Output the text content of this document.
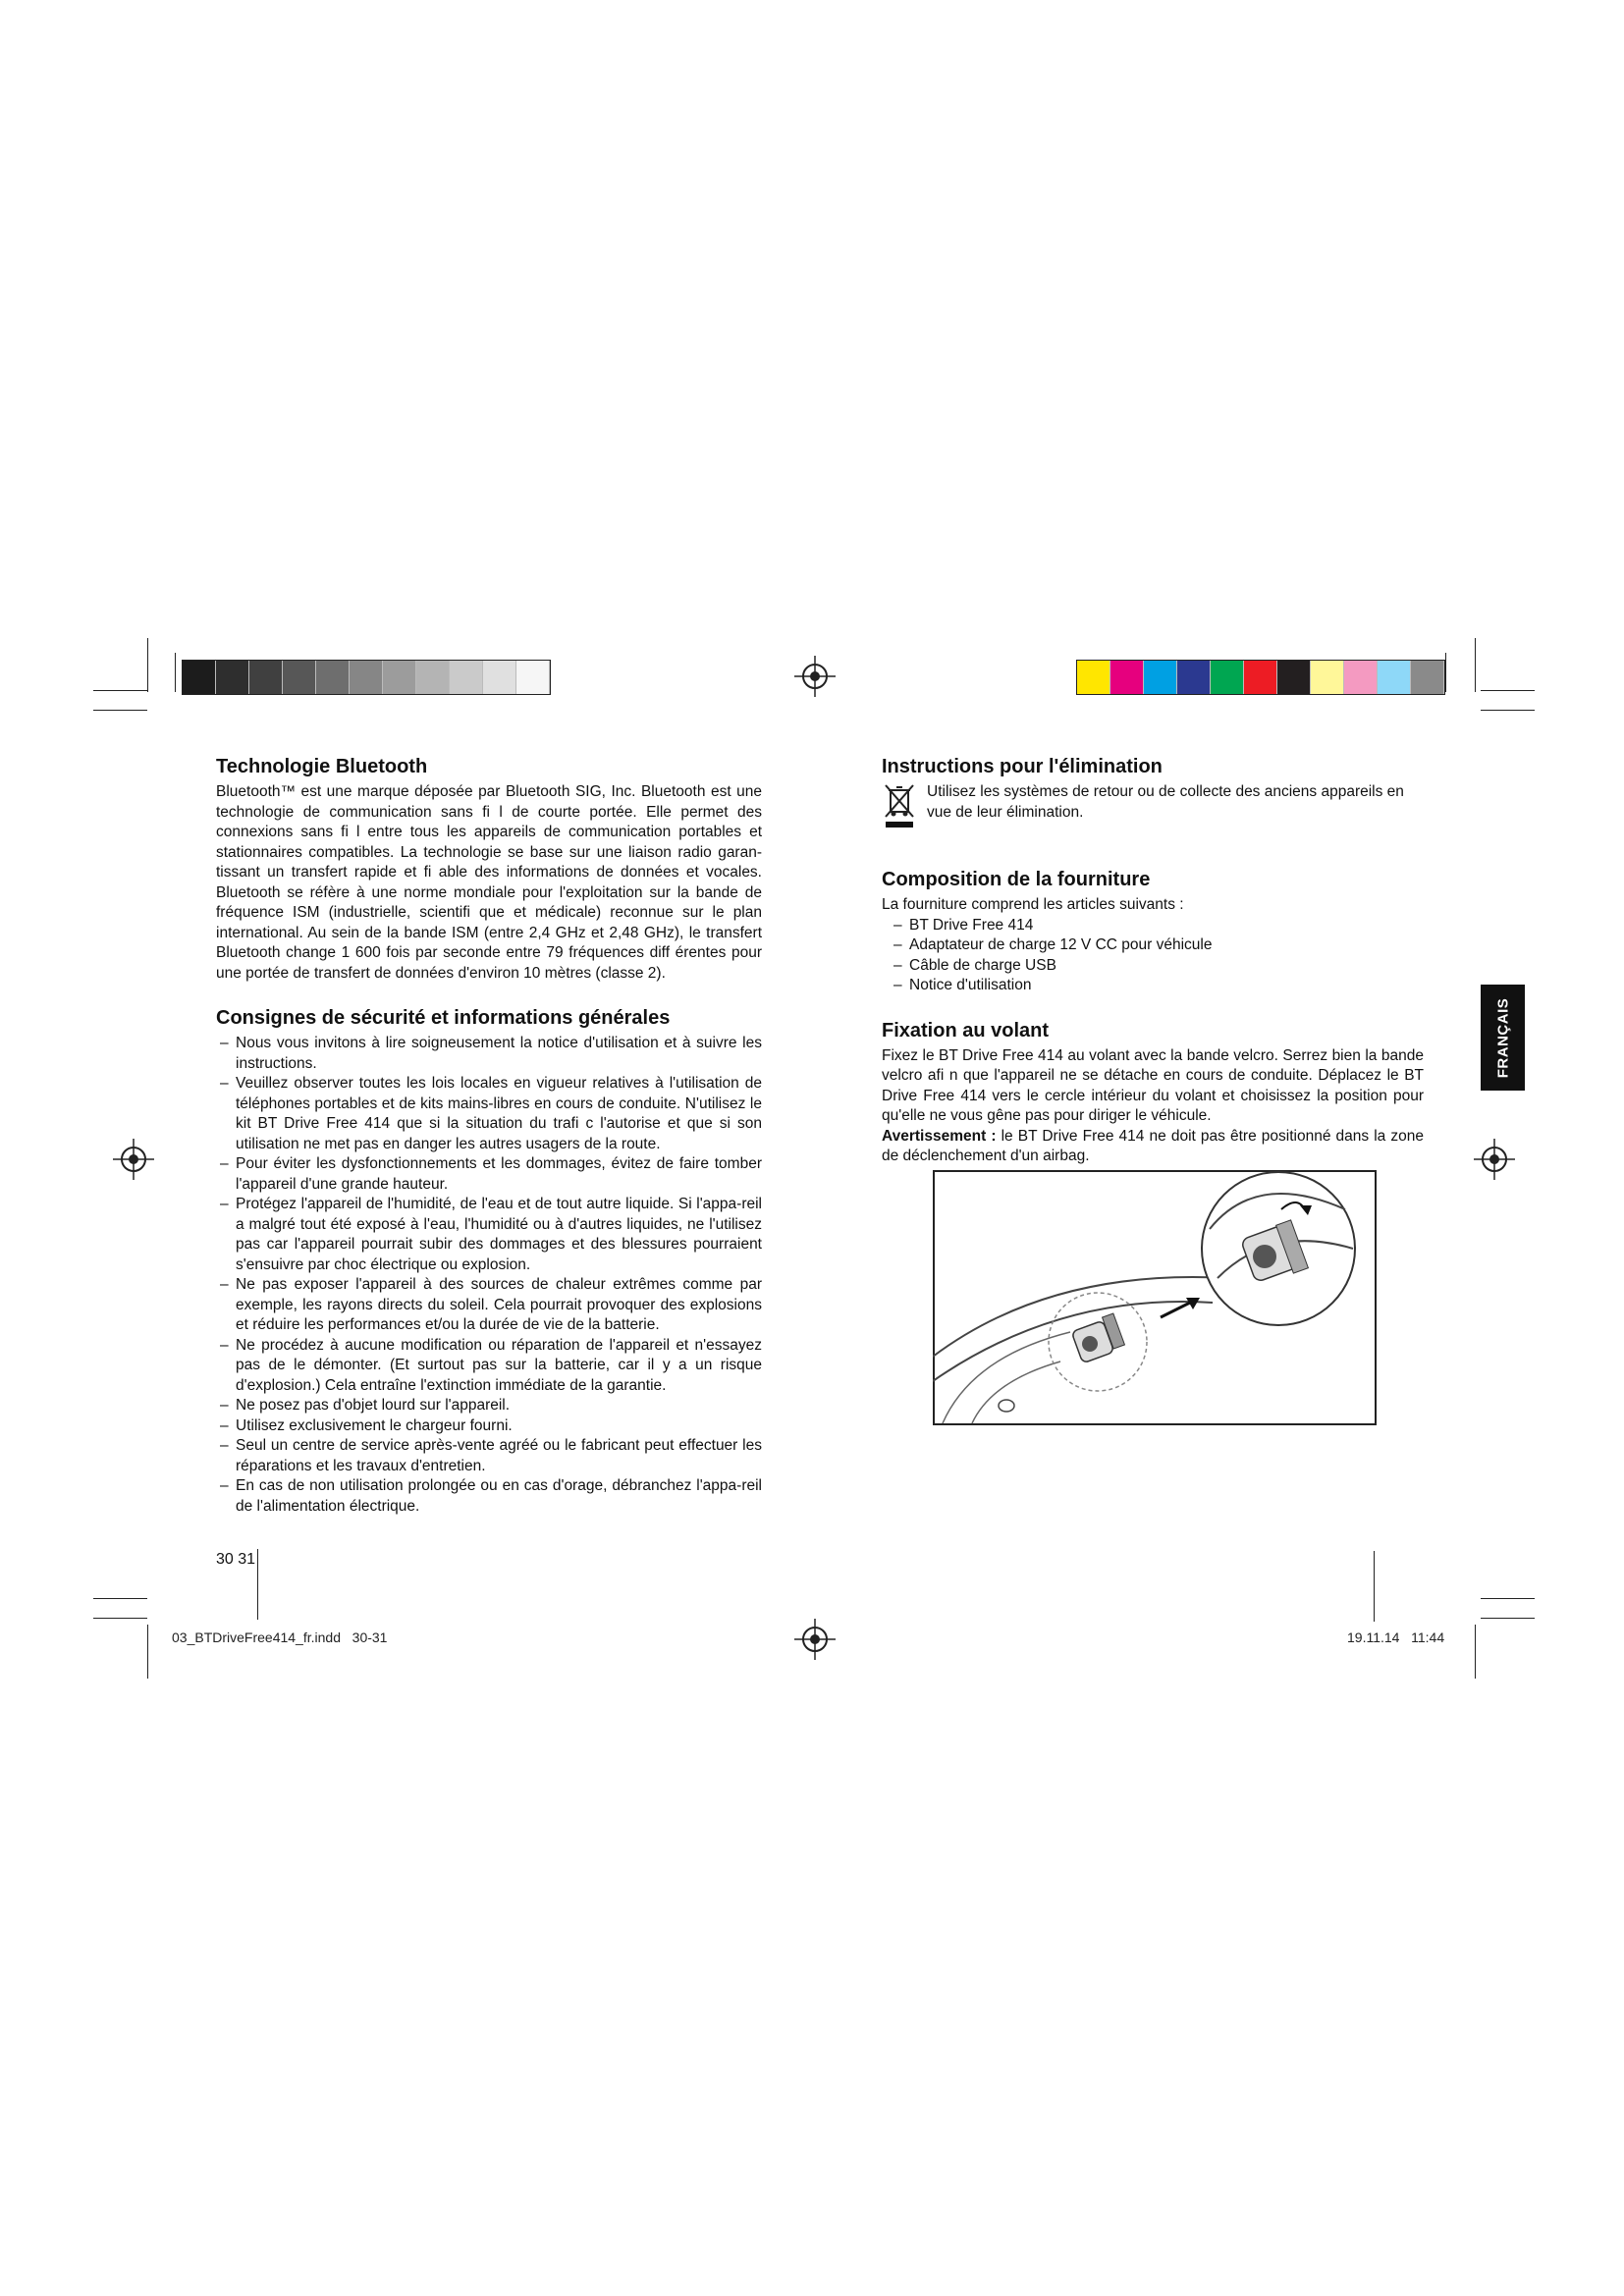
Technologie Bluetooth

Bluetooth™ est une marque déposée par Bluetooth SIG, Inc. Bluetooth est une technologie de communication sans fi l de courte portée. Elle permet des connexions sans fi l entre tous les appareils de communication portables et stationnaires compatibles. La technologie se base sur une liaison radio garan-tissant un transfert rapide et fi able des informations de données et vocales. Bluetooth se réfère à une norme mondiale pour l'exploitation sur la bande de fréquence ISM (industrielle, scientifi que et médicale) reconnue sur le plan international. Au sein de la bande ISM (entre 2,4 GHz et 2,48 GHz), le transfert Bluetooth change 1 600 fois par seconde entre 79 fréquences diff érentes pour une portée de transfert de données d'environ 10 mètres (classe 2).

Consignes de sécurité et informations générales
– Nous vous invitons à lire soigneusement la notice d'utilisation et à suivre les instructions.
– Veuillez observer toutes les lois locales en vigueur relatives à l'utilisation de téléphones portables et de kits mains-libres en cours de conduite. N'utilisez le kit BT Drive Free 414 que si la situation du trafi c l'autorise et que si son utilisation ne met pas en danger les autres usagers de la route.
– Pour éviter les dysfonctionnements et les dommages, évitez de faire tomber l'appareil d'une grande hauteur.
– Protégez l'appareil de l'humidité, de l'eau et de tout autre liquide. Si l'appa-reil a malgré tout été exposé à l'eau, l'humidité ou à d'autres liquides, ne l'utilisez pas car l'appareil pourrait subir des dommages et des blessures pourraient s'ensuivre par choc électrique ou explosion.
– Ne pas exposer l'appareil à des sources de chaleur extrêmes comme par exemple, les rayons directs du soleil. Cela pourrait provoquer des explosions et réduire les performances et/ou la durée de vie de la batterie.
– Ne procédez à aucune modification ou réparation de l'appareil et n'essayez pas de le démonter. (Et surtout pas sur la batterie, car il y a un risque d'explosion.) Cela entraîne l'extinction immédiate de la garantie.
– Ne posez pas d'objet lourd sur l'appareil.
– Utilisez exclusivement le chargeur fourni.
– Seul un centre de service après-vente agréé ou le fabricant peut effectuer les réparations et les travaux d'entretien.
– En cas de non utilisation prolongée ou en cas d'orage, débranchez l'appa-reil de l'alimentation électrique.
30 31
Instructions pour l'élimination

Utilisez les systèmes de retour ou de collecte des anciens appareils en vue de leur élimination.

Composition de la fourniture

La fourniture comprend les articles suivants :

– BT Drive Free 414
– Adaptateur de charge 12 V CC pour véhicule
– Câble de charge USB
– Notice d'utilisation
Fixation au volant

Fixez le BT Drive Free 414 au volant avec la bande velcro. Serrez bien la bande velcro afi n que l'appareil ne se détache en cours de conduite. Déplacez le BT Drive Free 414 vers le cercle intérieur du volant et choisissez la position pour qu'elle ne vous gêne pas pour diriger le véhicule.

Avertissement : le BT Drive Free 414 ne doit pas être positionné dans la zone de déclenchement d'un airbag.

FRANÇAIS
03_BTDriveFree414_fr.indd   30-31	19.11.14   11:44
